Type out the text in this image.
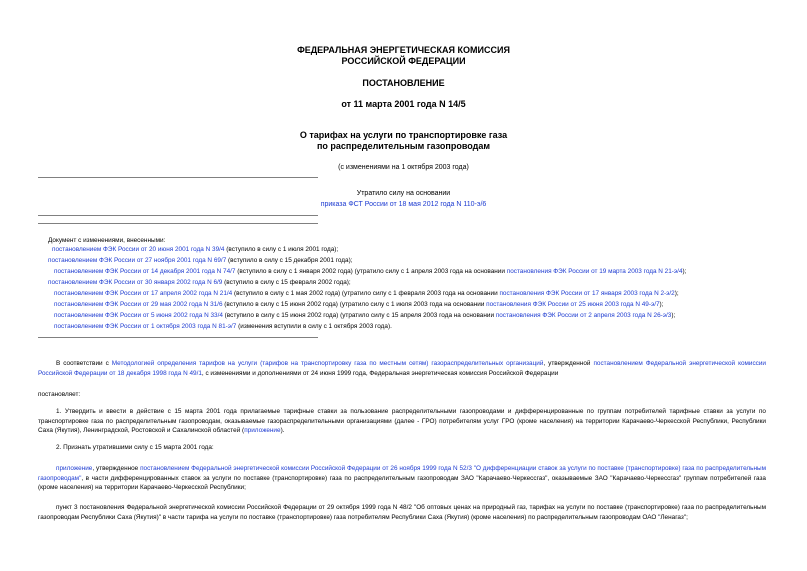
ФЕДЕРАЛЬНАЯ ЭНЕРГЕТИЧЕСКАЯ КОМИССИЯ
РОССИЙСКОЙ ФЕДЕРАЦИИ
ПОСТАНОВЛЕНИЕ
от 11 марта 2001 года N 14/5
О тарифах на услуги по транспортировке газа
по распределительным газопроводам
(с изменениями на 1 октября 2003 года)
Утратило силу на основании
приказа ФСТ России от 18 мая 2012 года N 110-э/6
Документ с изменениями, внесенными:
постановлением ФЭК России от 20 июня 2001 года N 39/4 (вступило в силу с 1 июля 2001 года);
постановлением ФЭК России от 27 ноября 2001 года N 69/7 (вступило в силу с 15 декабря 2001 года);
постановлением ФЭК России от 14 декабря 2001 года N 74/7 (вступило в силу с 1 января 2002 года) (утратило силу с 1 апреля 2003 года на основании постановления ФЭК России от 19 марта 2003 года N 21-э/4);
постановлением ФЭК России от 30 января 2002 года N 6/9 (вступило в силу с 15 февраля 2002 года);
постановлением ФЭК России от 17 апреля 2002 года N 21/4 (вступило в силу с 1 мая 2002 года) (утратило силу с 1 февраля 2003 года на основании постановления ФЭК России от 17 января 2003 года N 2-э/2);
постановлением ФЭК России от 29 мая 2002 года N 31/6 (вступило в силу с 15 июня 2002 года) (утратило силу с 1 июля 2003 года на основании постановления ФЭК России от 25 июня 2003 года N 49-э/7);
постановлением ФЭК России от 5 июня 2002 года N 33/4 (вступило в силу с 15 июня 2002 года) (утратило силу с 15 апреля 2003 года на основании постановления ФЭК России от 2 апреля 2003 года N 26-э/3);
постановлением ФЭК России от 1 октября 2003 года N 81-э/7 (изменения вступили в силу с 1 октября 2003 года).
В соответствии с Методологией определения тарифов на услуги (тарифов на транспортировку газа по местным сетям) газораспределительных организаций, утвержденной постановлением Федеральной энергетической комиссии Российской Федерации от 18 декабря 1998 года N 49/1, с изменениями и дополнениями от 24 июня 1999 года, Федеральная энергетическая комиссия Российской Федерации
постановляет:
1. Утвердить и ввести в действие с 15 марта 2001 года прилагаемые тарифные ставки за пользование распределительными газопроводами и дифференцированные по группам потребителей тарифные ставки за услуги по транспортировке газа по распределительным газопроводам, оказываемые газораспределительными организациями (далее - ГРО) потребителям услуг ГРО (кроме населения) на территории Карачаево-Черкесской Республики, Республики Саха (Якутия), Ленинградской, Ростовской и Сахалинской областей (приложение).
2. Признать утратившими силу с 15 марта 2001 года:
приложение, утвержденное постановлением Федеральной энергетической комиссии Российской Федерации от 26 ноября 1999 года N 52/3 "О дифференциации ставок за услуги по поставке (транспортировке) газа по распределительным газопроводам", в части дифференцированных ставок за услуги по поставке (транспортировке) газа по распределительным газопроводам ЗАО "Карачаево-Черкессгаз", оказываемые ЗАО "Карачаево-Черкессгаз" группам потребителей газа (кроме населения) на территории Карачаево-Черкесской Республики;
пункт 3 постановления Федеральной энергетической комиссии Российской Федерации от 29 октября 1999 года N 48/2 "Об оптовых ценах на природный газ, тарифах на услуги по поставке (транспортировке) газа по распределительным газопроводам Республики Саха (Якутия)" в части тарифа на услуги по поставке (транспортировке) газа потребителям Республики Саха (Якутия) (кроме населения) по распределительным газопроводам ОАО "Ленагаз";
